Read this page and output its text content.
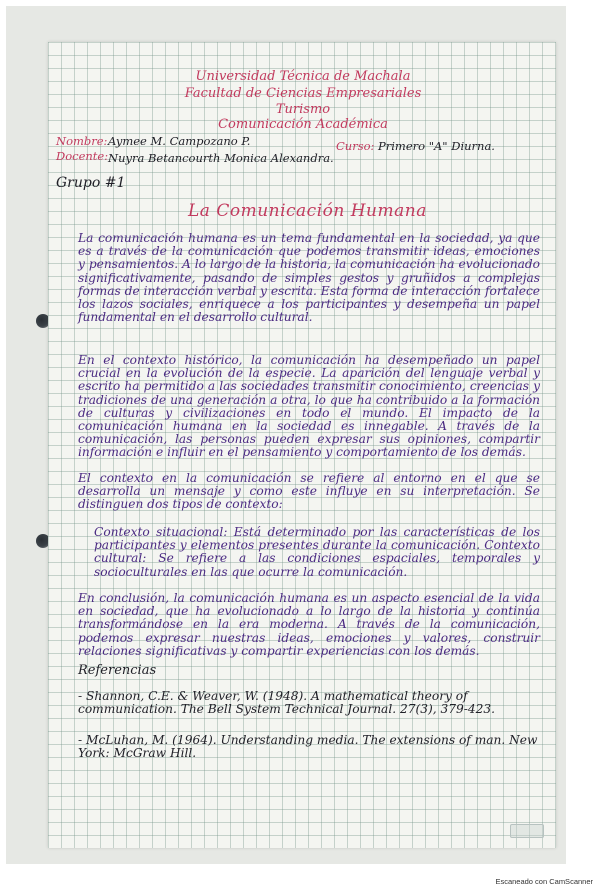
Universidad Técnica de Machala
Facultad de Ciencias Empresariales
Turismo
Comunicación Académica
Nombre: Aymee M. Campozano P.	Curso: Primero "A" Diurna.
Docente: Nuyra Betancourth Monica Alexandra.
Grupo #1
La Comunicación Humana
La comunicación humana es un tema fundamental en la sociedad, ya que es a través de la comunicación que podemos transmitir ideas, emociones y pensamientos. A lo largo de la historia, la comunicación ha evolucionado significativamente, pasando de simples gestos y gruñidos a complejas formas de interacción verbal y escrita. Esta forma de interacción fortalece los lazos sociales, enriquece a los participantes y desempeña un papel fundamental en el desarrollo cultural.
En el contexto histórico, la comunicación ha desempeñado un papel crucial en la evolución de la especie. La aparición del lenguaje verbal y escrito ha permitido a las sociedades transmitir conocimiento, creencias y tradiciones de una generación a otra, lo que ha contribuido a la formación de culturas y civilizaciones en todo el mundo. El impacto de la comunicación humana en la sociedad es innegable. A través de la comunicación, las personas pueden expresar sus opiniones, compartir información e influir en el pensamiento y comportamiento de los demás.
El contexto en la comunicación se refiere al entorno en el que se desarrolla un mensaje y como este influye en su interpretación. Se distinguen dos tipos de contexto:
Contexto situacional: Está determinado por las características de los participantes y elementos presentes durante la comunicación. Contexto cultural: Se refiere a las condiciones espaciales, temporales y socioculturales en las que ocurre la comunicación.
En conclusión, la comunicación humana es un aspecto esencial de la vida en sociedad, que ha evolucionado a lo largo de la historia y continúa transformándose en la era moderna. A través de la comunicación, podemos expresar nuestras ideas, emociones y valores, construir relaciones significativas y compartir experiencias con los demás.
Referencias
- Shannon, C.E. & Weaver, W. (1948). A mathematical theory of communication. The Bell System Technical Journal. 27(3), 379-423.
- McLuhan, M. (1964). Understanding media. The extensions of man. New York: McGraw Hill.
Escaneado con CamScanner
